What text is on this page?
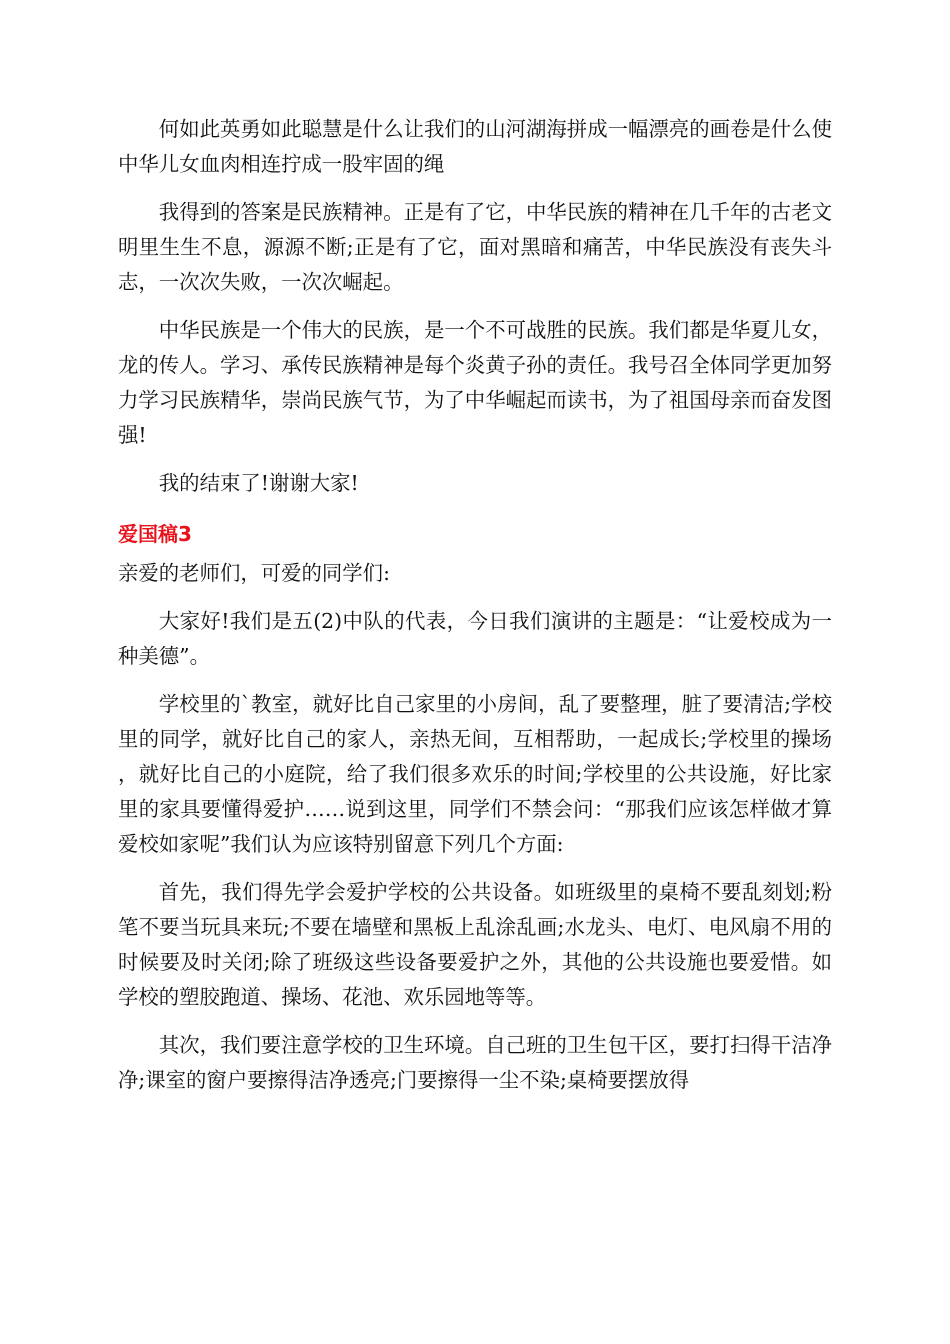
何如此英勇如此聪慧是什么让我们的山河湖海拼成一幅漂亮的画卷是什么使中华儿女血肉相连拧成一股牢固的绳

我得到的答案是民族精神。正是有了它，中华民族的精神在几千年的古老文明里生生不息，源源不断;正是有了它，面对黑暗和痛苦，中华民族没有丧失斗志，一次次失败，一次次崛起。

中华民族是一个伟大的民族，是一个不可战胜的民族。我们都是华夏儿女，龙的传人。学习、承传民族精神是每个炎黄子孙的责任。我号召全体同学更加努力学习民族精华，崇尚民族气节，为了中华崛起而读书，为了祖国母亲而奋发图强!

我的结束了!谢谢大家!

爱国稿3

亲爱的老师们，可爱的同学们:

大家好!我们是五(2)中队的代表，今日我们演讲的主题是：“让爱校成为一种美德”。

学校里的`教室，就好比自己家里的小房间，乱了要整理，脏了要清洁;学校里的同学，就好比自己的家人，亲热无间，互相帮助，一起成长;学校里的操场，就好比自己的小庭院，给了我们很多欢乐的时间;学校里的公共设施，好比家里的家具要懂得爱护……说到这里，同学们不禁会问：“那我们应该怎样做才算爱校如家呢”我们认为应该特别留意下列几个方面:

首先，我们得先学会爱护学校的公共设备。如班级里的桌椅不要乱刻划;粉笔不要当玩具来玩;不要在墙壁和黑板上乱涂乱画;水龙头、电灯、电风扇不用的时候要及时关闭;除了班级这些设备要爱护之外，其他的公共设施也要爱惜。如学校的塑胶跑道、操场、花池、欢乐园地等等。

其次，我们要注意学校的卫生环境。自己班的卫生包干区，要打扫得干洁净净;课室的窗户要擦得洁净透亮;门要擦得一尘不染;桌椅要摆放得
